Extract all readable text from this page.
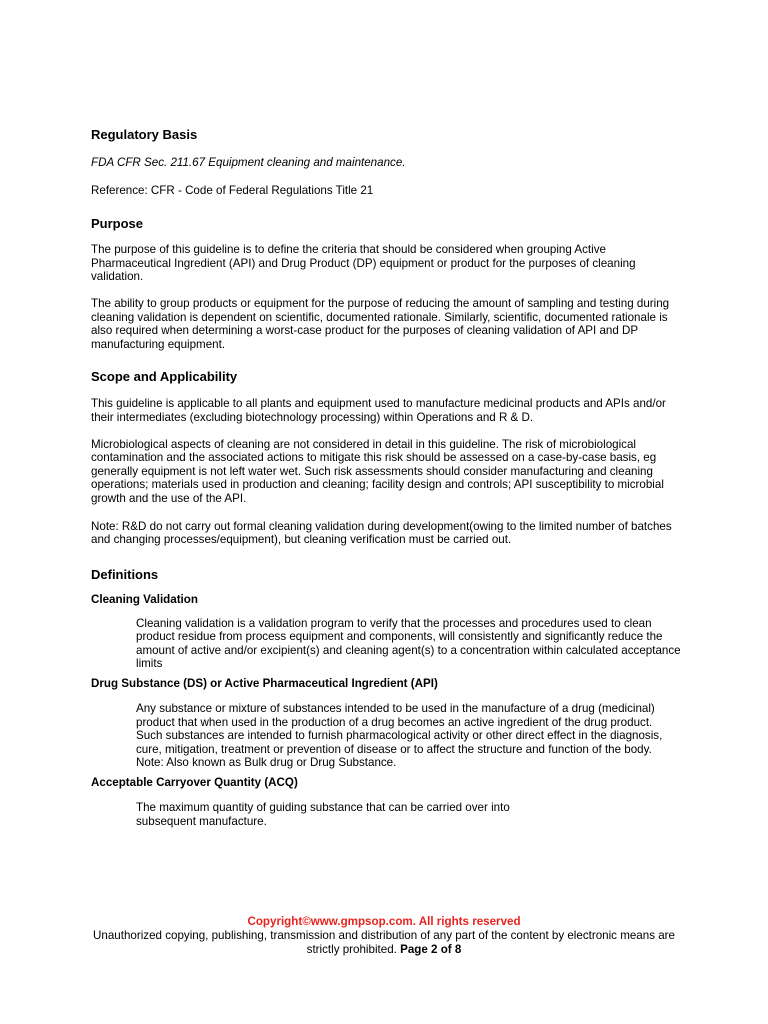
Regulatory Basis

FDA CFR Sec. 211.67 Equipment cleaning and maintenance.

Reference: CFR - Code of Federal Regulations Title 21

Purpose

The purpose of this guideline is to define the criteria that should be considered when grouping Active Pharmaceutical Ingredient (API) and Drug Product (DP) equipment or product for the purposes of cleaning validation.

The ability to group products or equipment for the purpose of reducing the amount of sampling and testing during cleaning validation is dependent on scientific, documented rationale. Similarly, scientific, documented rationale is also required when determining a worst-case product for the purposes of cleaning validation of API and DP manufacturing equipment.

Scope and Applicability

This guideline is applicable to all plants and equipment used to manufacture medicinal products and APIs and/or their intermediates (excluding biotechnology processing) within Operations and R & D.

Microbiological aspects of cleaning are not considered in detail in this guideline. The risk of microbiological contamination and the associated actions to mitigate this risk should be assessed on a case-by-case basis, eg generally equipment is not left water wet. Such risk assessments should consider manufacturing and cleaning operations; materials used in production and cleaning; facility design and controls; API susceptibility to microbial growth and the use of the API.

Note: R&D do not carry out formal cleaning validation during development(owing to the limited number of batches and changing processes/equipment), but cleaning verification must be carried out.

Definitions

Cleaning Validation

Cleaning validation is a validation program to verify that the processes and procedures used to clean product residue from process equipment and components, will consistently and significantly reduce the amount of active and/or excipient(s) and cleaning agent(s) to a concentration within calculated acceptance limits

Drug Substance (DS) or Active Pharmaceutical Ingredient (API)

Any substance or mixture of substances intended to be used in the manufacture of a drug (medicinal) product that when used in the production of a drug becomes an active ingredient of the drug product. Such substances are intended to furnish pharmacological activity or other direct effect in the diagnosis, cure, mitigation, treatment or prevention of disease or to affect the structure and function of the body. Note: Also known as Bulk drug or Drug Substance.

Acceptable Carryover Quantity (ACQ)

The maximum quantity of guiding substance that can be carried over into subsequent manufacture.

Copyright©www.gmpsop.com. All rights reserved
Unauthorized copying, publishing, transmission and distribution of any part of the content by electronic means are strictly prohibited. Page 2 of 8
